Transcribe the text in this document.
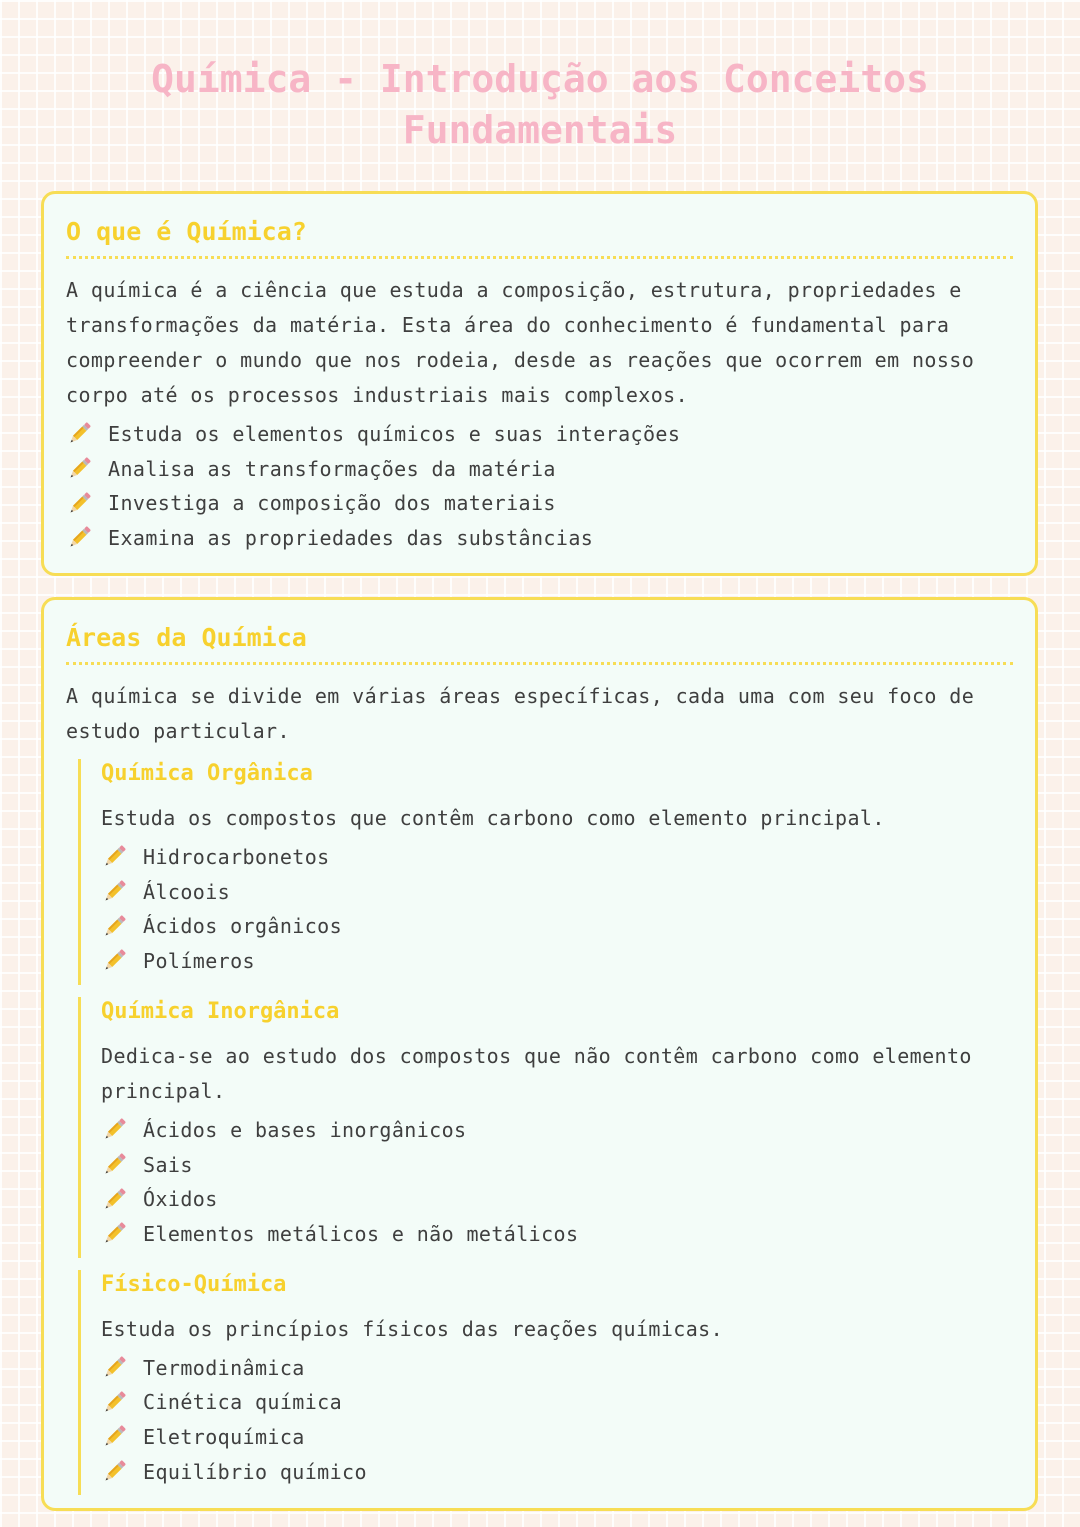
Química - Introdução aos Conceitos
Fundamentais
O que é Química?

A química é a ciência que estuda a composição, estrutura, propriedades e transformações da matéria. Esta área do conhecimento é fundamental para compreender o mundo que nos rodeia, desde as reações que ocorrem em nosso corpo até os processos industriais mais complexos.

Estuda os elementos químicos e suas interações
Analisa as transformações da matéria
Investiga a composição dos materiais
Examina as propriedades das substâncias
Áreas da Química

A química se divide em várias áreas específicas, cada uma com seu foco de estudo particular.

Química Orgânica

Estuda os compostos que contêm carbono como elemento principal.

Hidrocarbonetos
Álcoois
Ácidos orgânicos
Polímeros
Química Inorgânica

Dedica-se ao estudo dos compostos que não contêm carbono como elemento principal.

Ácidos e bases inorgânicos
Sais
Óxidos
Elementos metálicos e não metálicos
Físico-Química

Estuda os princípios físicos das reações químicas.

Termodinâmica
Cinética química
Eletroquímica
Equilíbrio químico
